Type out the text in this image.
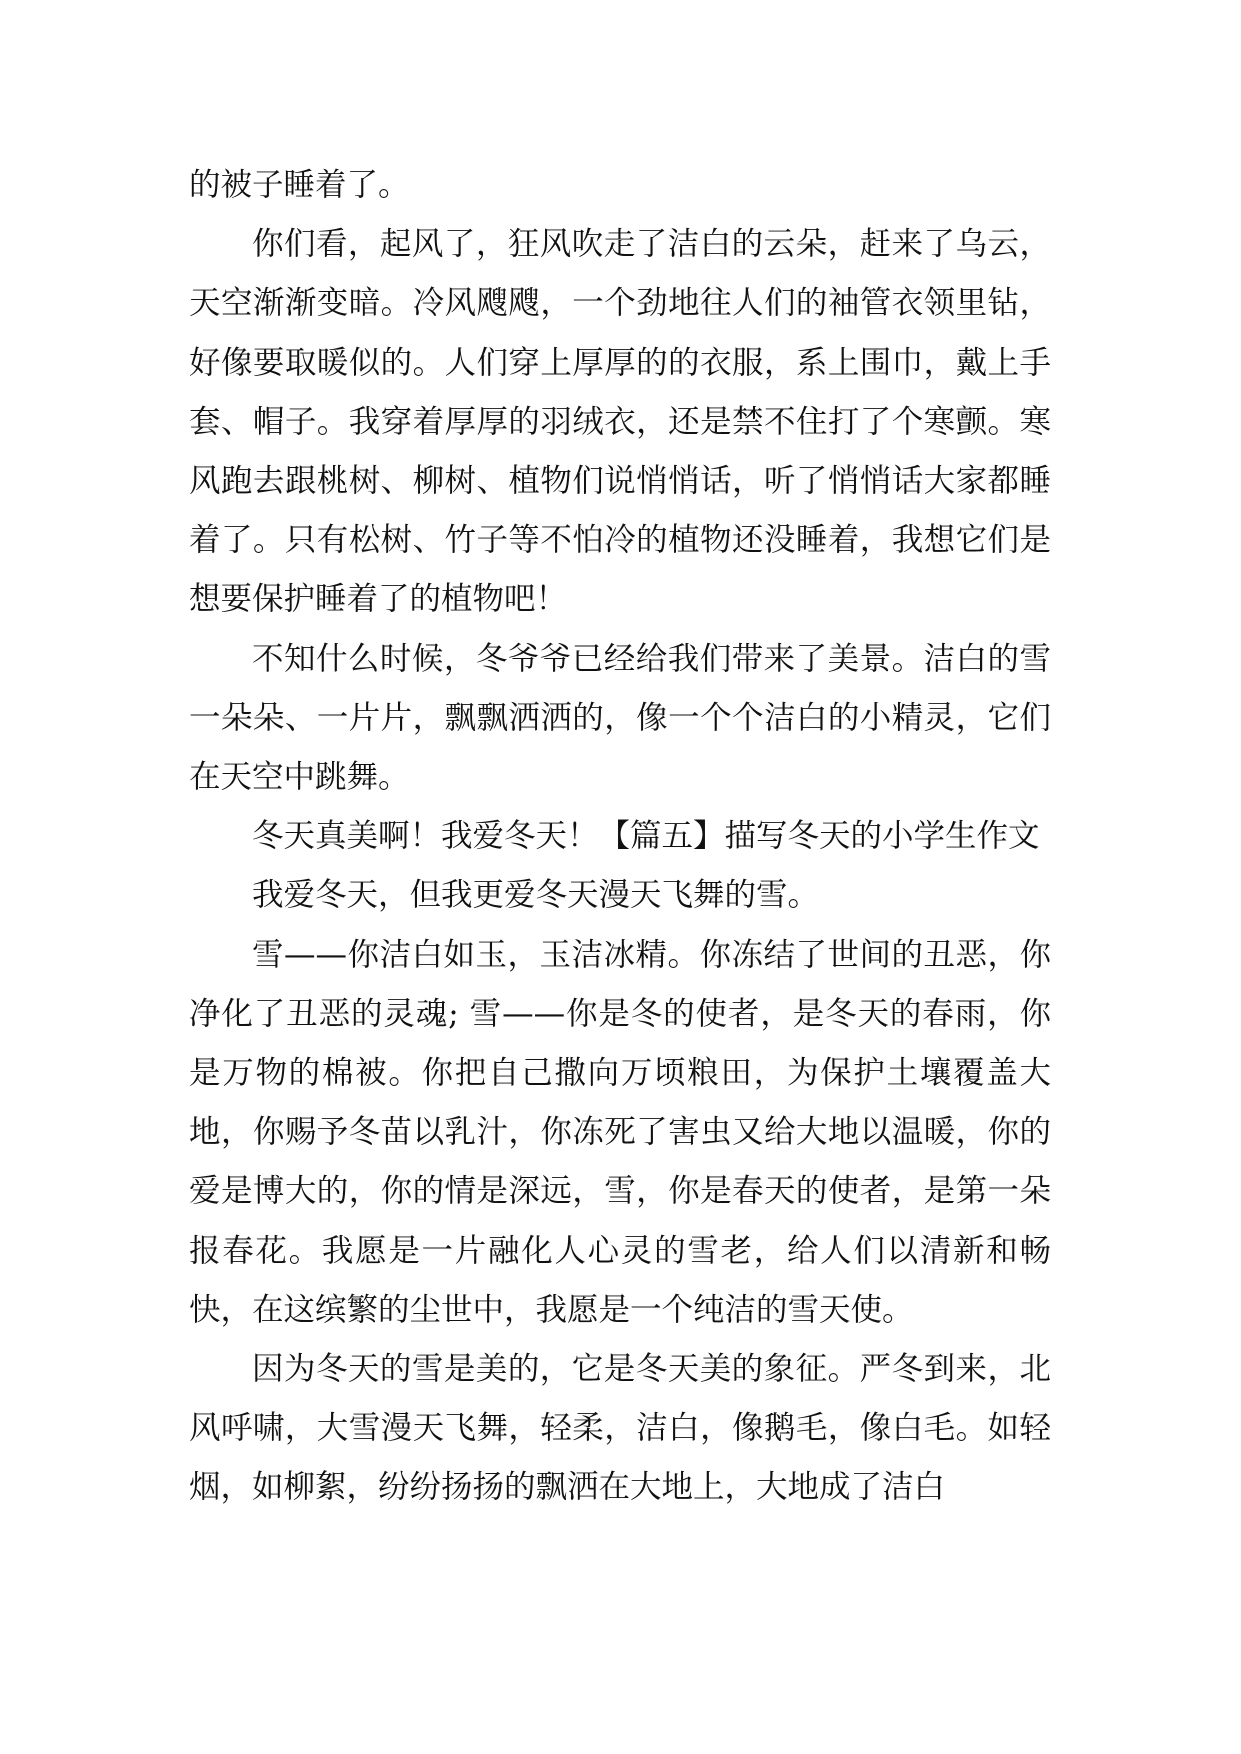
的被子睡着了。

你们看，起风了，狂风吹走了洁白的云朵，赶来了乌云，天空渐渐变暗。冷风飕飕，一个劲地往人们的袖管衣领里钻，好像要取暖似的。人们穿上厚厚的的衣服，系上围巾，戴上手套、帽子。我穿着厚厚的羽绒衣，还是禁不住打了个寒颤。寒风跑去跟桃树、柳树、植物们说悄悄话，听了悄悄话大家都睡着了。只有松树、竹子等不怕冷的植物还没睡着，我想它们是想要保护睡着了的植物吧！

不知什么时候，冬爷爷已经给我们带来了美景。洁白的雪一朵朵、一片片，飘飘洒洒的，像一个个洁白的小精灵，它们在天空中跳舞。

冬天真美啊！我爱冬天！【篇五】描写冬天的小学生作文

我爱冬天，但我更爱冬天漫天飞舞的雪。

雪——你洁白如玉，玉洁冰精。你冻结了世间的丑恶，你净化了丑恶的灵魂; 雪——你是冬的使者，是冬天的春雨，你是万物的棉被。你把自己撒向万顷粮田，为保护土壤覆盖大地，你赐予冬苗以乳汁，你冻死了害虫又给大地以温暖，你的爱是博大的，你的情是深远，雪，你是春天的使者，是第一朵报春花。我愿是一片融化人心灵的雪老，给人们以清新和畅快，在这缤繁的尘世中，我愿是一个纯洁的雪天使。

因为冬天的雪是美的，它是冬天美的象征。严冬到来，北风呼啸，大雪漫天飞舞，轻柔，洁白，像鹅毛，像白毛。如轻烟，如柳絮，纷纷扬扬的飘洒在大地上，大地成了洁白
